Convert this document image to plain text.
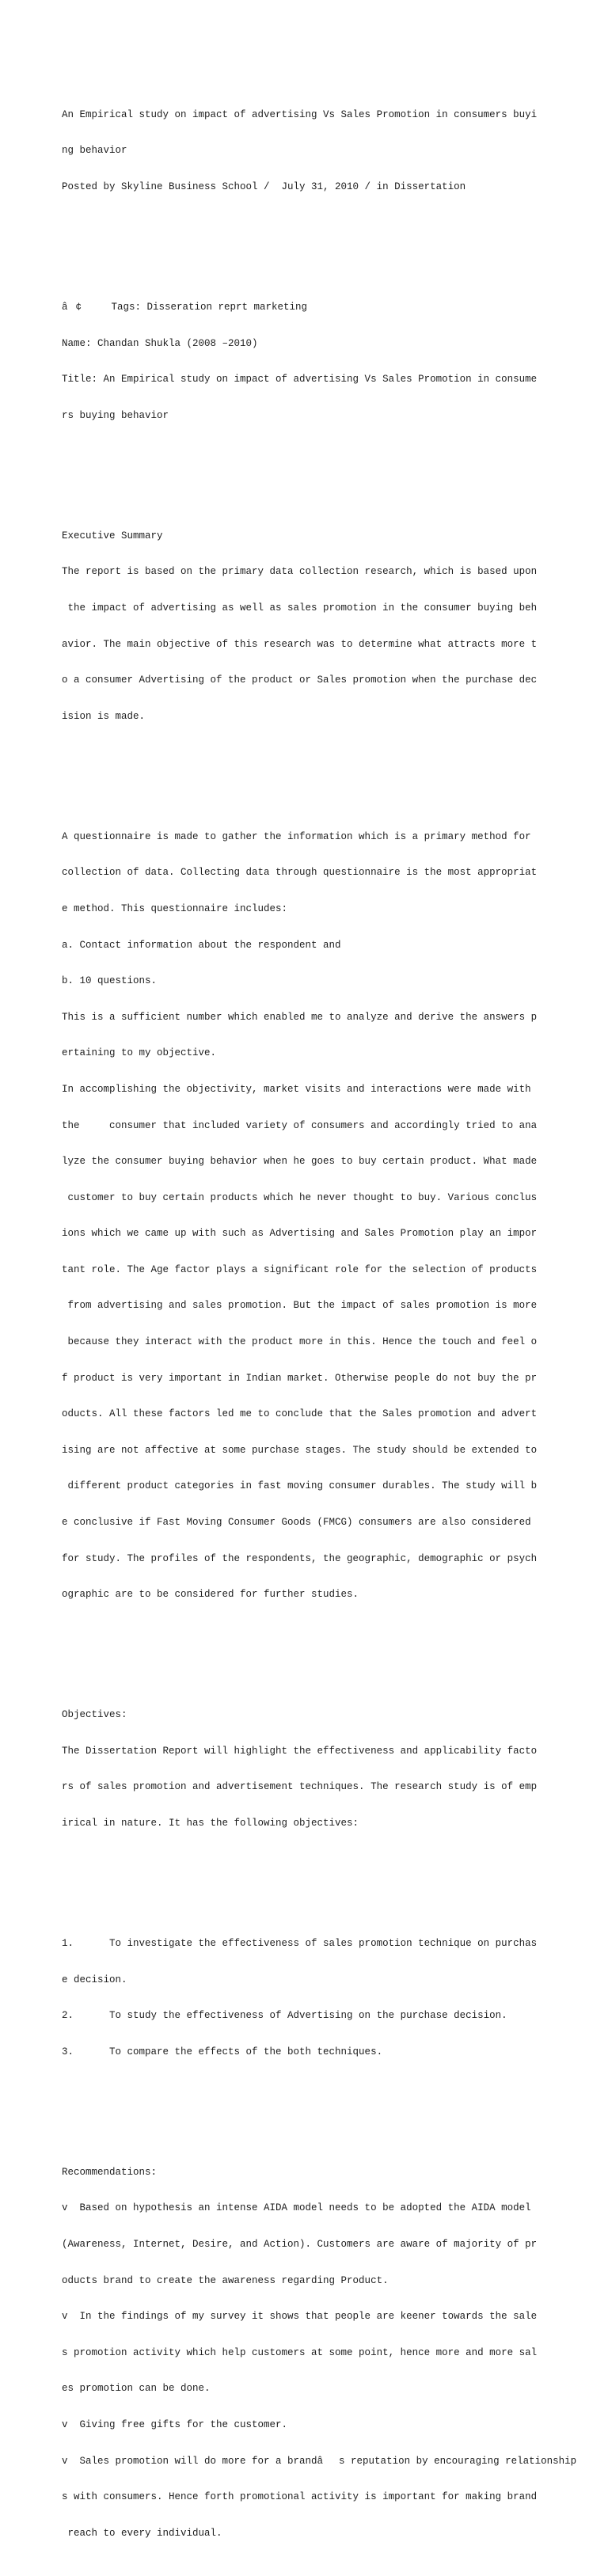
An Empirical study on impact of advertising Vs Sales Promotion in consumers buyi

ng behavior

Posted by Skyline Business School /  July 31, 2010 / in Dissertation

â¢     Tags: Disseration reprt marketing

Name: Chandan Shukla (2008 –2010)

Title: An Empirical study on impact of advertising Vs Sales Promotion in consume

rs buying behavior

Executive Summary

The report is based on the primary data collection research, which is based upon

the impact of advertising as well as sales promotion in the consumer buying beh

avior. The main objective of this research was to determine what attracts more t

o a consumer Advertising of the product or Sales promotion when the purchase dec

ision is made.

A questionnaire is made to gather the information which is a primary method for

collection of data. Collecting data through questionnaire is the most appropriat

e method. This questionnaire includes:

a. Contact information about the respondent and

b. 10 questions.

This is a sufficient number which enabled me to analyze and derive the answers p

ertaining to my objective.

In accomplishing the objectivity, market visits and interactions were made with

the     consumer that included variety of consumers and accordingly tried to ana

lyze the consumer buying behavior when he goes to buy certain product. What made

customer to buy certain products which he never thought to buy. Various conclus

ions which we came up with such as Advertising and Sales Promotion play an impor

tant role. The Age factor plays a significant role for the selection of products

from advertising and sales promotion. But the impact of sales promotion is more

because they interact with the product more in this. Hence the touch and feel o

f product is very important in Indian market. Otherwise people do not buy the pr

oducts. All these factors led me to conclude that the Sales promotion and advert

ising are not affective at some purchase stages. The study should be extended to

different product categories in fast moving consumer durables. The study will b

e conclusive if Fast Moving Consumer Goods (FMCG) consumers are also considered

for study. The profiles of the respondents, the geographic, demographic or psych

ographic are to be considered for further studies.

Objectives:

The Dissertation Report will highlight the effectiveness and applicability facto

rs of sales promotion and advertisement techniques. The research study is of emp

irical in nature. It has the following objectives:

1.      To investigate the effectiveness of sales promotion technique on purchas

e decision.

2.      To study the effectiveness of Advertising on the purchase decision.

3.      To compare the effects of the both techniques.

Recommendations:

v  Based on hypothesis an intense AIDA model needs to be adopted the AIDA model

(Awareness, Internet, Desire, and Action). Customers are aware of majority of pr

oducts brand to create the awareness regarding Product.

v  In the findings of my survey it shows that people are keener towards the sale

s promotion activity which help customers at some point, hence more and more sal

es promotion can be done.

v  Giving free gifts for the customer.

v  Sales promotion will do more for a brandâs reputation by encouraging relationship

s with consumers. Hence forth promotional activity is important for making brand

reach to every individual.
